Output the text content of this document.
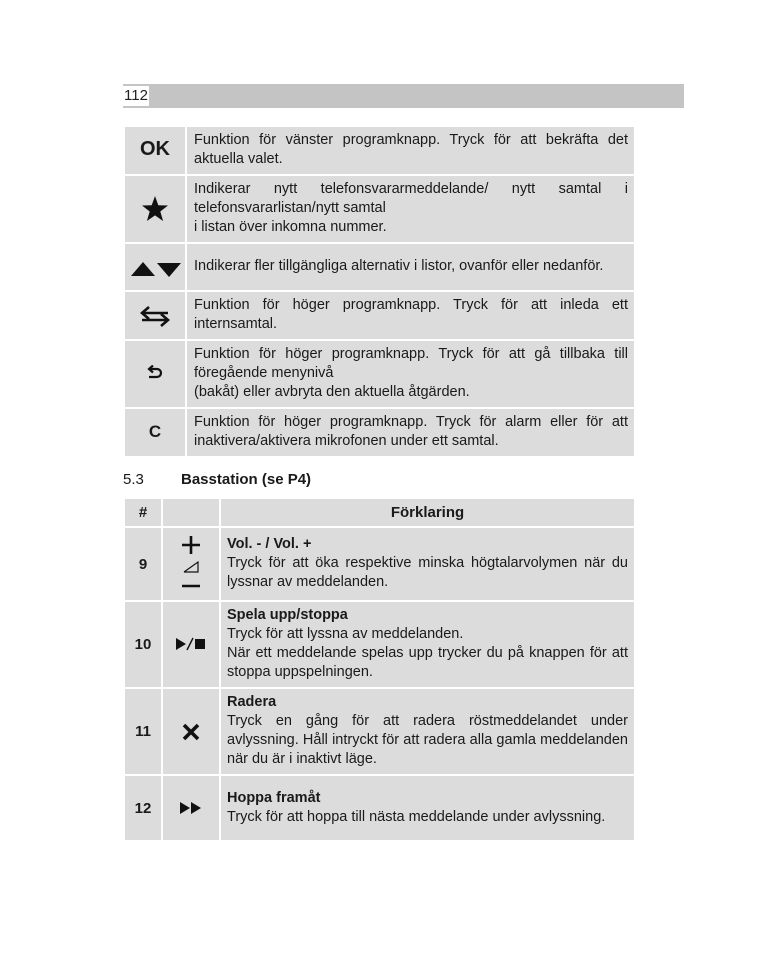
112
OK	Funktion för vänster programknapp. Tryck för att bekräfta det aktuella valet.
	Indikerar nytt telefonsvararmeddelande/ nytt samtal i telefonsvararlistan/nytt samtal
i listan över inkomna nummer.
	Indikerar fler tillgängliga alternativ i listor, ovanför eller nedanför.
	Funktion för höger programknapp. Tryck för att inleda ett internsamtal.
	Funktion för höger programknapp. Tryck för att gå tillbaka till föregående menynivå
(bakåt) eller avbryta den aktuella åtgärden.
C	Funktion för höger programknapp. Tryck för alarm eller för att inaktivera/aktivera mikrofonen under ett samtal.
5.3 Basstation (se P4)
#		Förklaring
9		Vol. - / Vol. +
Tryck för att öka respektive minska högtalarvolymen när du lyssnar av meddelanden.

10		Spela upp/stoppa
Tryck för att lyssna av meddelanden.
När ett meddelande spelas upp trycker du på knappen för att stoppa uppspelningen.

11		Radera
Tryck en gång för att radera röstmeddelandet under avlyssning. Håll intryckt för att radera alla gamla meddelanden när du är i inaktivt läge.

12		Hoppa framåt
Tryck för att hoppa till nästa meddelande under avlyssning.
